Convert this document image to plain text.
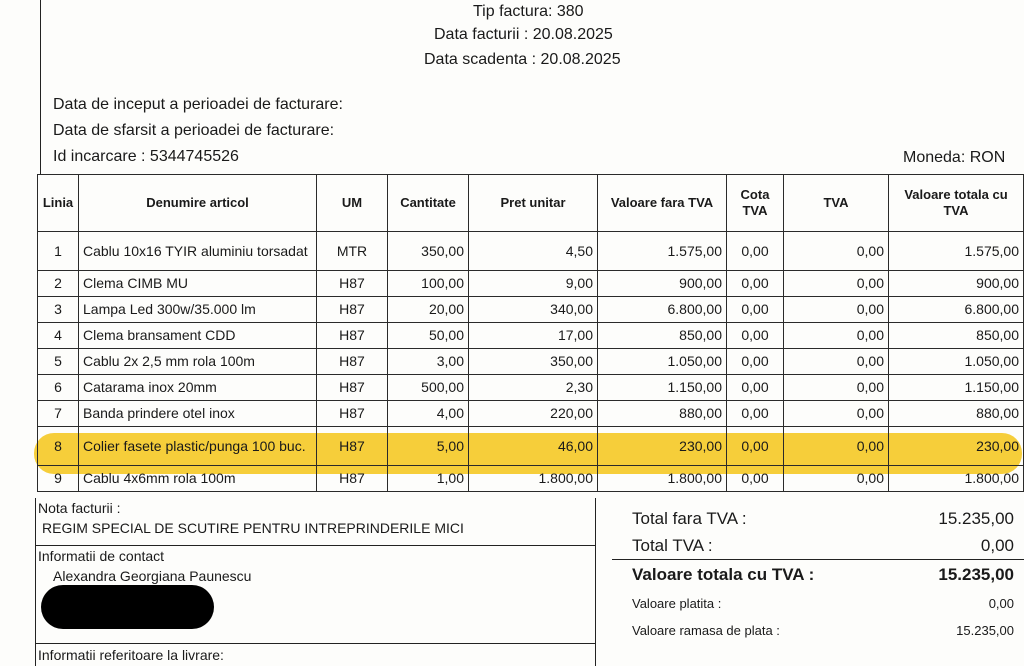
Tip factura: 380
Data facturii : 20.08.2025
Data scadenta : 20.08.2025
Data de inceput a perioadei de facturare:
Data de sfarsit a perioadei de facturare:
Id incarcare : 5344745526	Moneda: RON
Linia	Denumire articol	UM	Cantitate	Pret unitar	Valoare fara TVA	Cota TVA	TVA	Valoare totala cu TVA
1	Cablu 10x16 TYIR aluminiu torsadat	MTR	350,00	4,50	1.575,00	0,00	0,00	1.575,00
2	Clema CIMB MU	H87	100,00	9,00	900,00	0,00	0,00	900,00
3	Lampa Led 300w/35.000 lm	H87	20,00	340,00	6.800,00	0,00	0,00	6.800,00
4	Clema bransament CDD	H87	50,00	17,00	850,00	0,00	0,00	850,00
5	Cablu 2x 2,5 mm rola 100m	H87	3,00	350,00	1.050,00	0,00	0,00	1.050,00
6	Catarama inox 20mm	H87	500,00	2,30	1.150,00	0,00	0,00	1.150,00
7	Banda prindere otel inox	H87	4,00	220,00	880,00	0,00	0,00	880,00
8	Colier fasete plastic/punga 100 buc.	H87	5,00	46,00	230,00	0,00	0,00	230,00
9	Cablu 4x6mm rola 100m	H87	1,00	1.800,00	1.800,00	0,00	0,00	1.800,00
Nota facturii :
REGIM SPECIAL DE SCUTIRE PENTRU INTREPRINDERILE MICI
Informatii de contact
Alexandra Georgiana Paunescu
Informatii referitoare la livrare:
Total fara TVA :	15.235,00
Total TVA :	0,00
Valoare totala cu TVA :	15.235,00
Valoare platita :	0,00
Valoare ramasa de plata :	15.235,00
